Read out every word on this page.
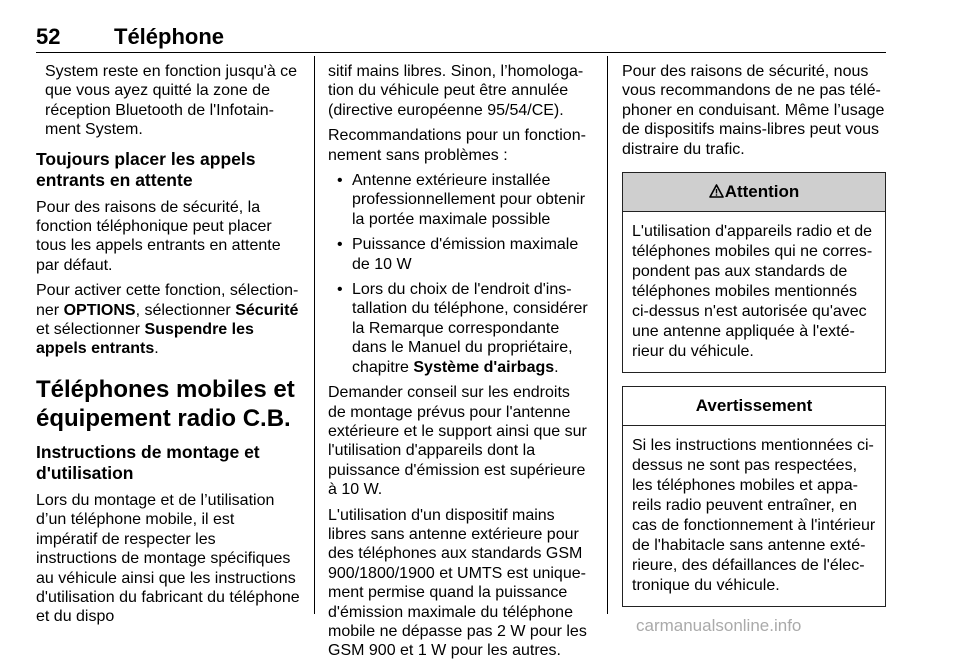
52 Téléphone

System reste en fonction jusqu'à ce que vous ayez quitté la zone de réception Bluetooth de l'Infotainment System.

Toujours placer les appels entrants en attente

Pour des raisons de sécurité, la fonction téléphonique peut placer tous les appels entrants en attente par défaut.

Pour activer cette fonction, sélectionner OPTIONS, sélectionner Sécurité et sélectionner Suspendre les appels entrants.

Téléphones mobiles et équipement radio C.B.
Instructions de montage et d'utilisation

Lors du montage et de l’utilisation d’un téléphone mobile, il est impératif de respecter les instructions de montage spécifiques au véhicule ainsi que les instructions d'utilisation du fabricant du téléphone et du dispo

sitif mains libres. Sinon, l’homologation du véhicule peut être annulée (directive européenne 95/54/CE).

Recommandations pour un fonctionnement sans problèmes :

• Antenne extérieure installée professionnellement pour obtenir la portée maximale possible
• Puissance d'émission maximale de 10 W
• Lors du choix de l'endroit d'installation du téléphone, considérer la Remarque correspondante dans le Manuel du propriétaire, chapitre Système d'airbags.

Demander conseil sur les endroits de montage prévus pour l'antenne extérieure et le support ainsi que sur l'utilisation d'appareils dont la puissance d'émission est supérieure à 10 W.

L'utilisation d'un dispositif mains libres sans antenne extérieure pour des téléphones aux standards GSM 900/1800/1900 et UMTS est uniquement permise quand la puissance d'émission maximale du téléphone mobile ne dépasse pas 2 W pour les GSM 900 et 1 W pour les autres.

Pour des raisons de sécurité, nous vous recommandons de ne pas téléphoner en conduisant. Même l’usage de dispositifs mains-libres peut vous distraire du trafic.

Attention
L'utilisation d'appareils radio et de téléphones mobiles qui ne correspondent pas aux standards de téléphones mobiles mentionnés ci-dessus n'est autorisée qu'avec une antenne appliquée à l'extérieur du véhicule.
Avertissement
Si les instructions mentionnées ci-dessus ne sont pas respectées, les téléphones mobiles et appareils radio peuvent entraîner, en cas de fonctionnement à l'intérieur de l'habitacle sans antenne extérieure, des défaillances de l'électronique du véhicule.
carmanualsonline.info
